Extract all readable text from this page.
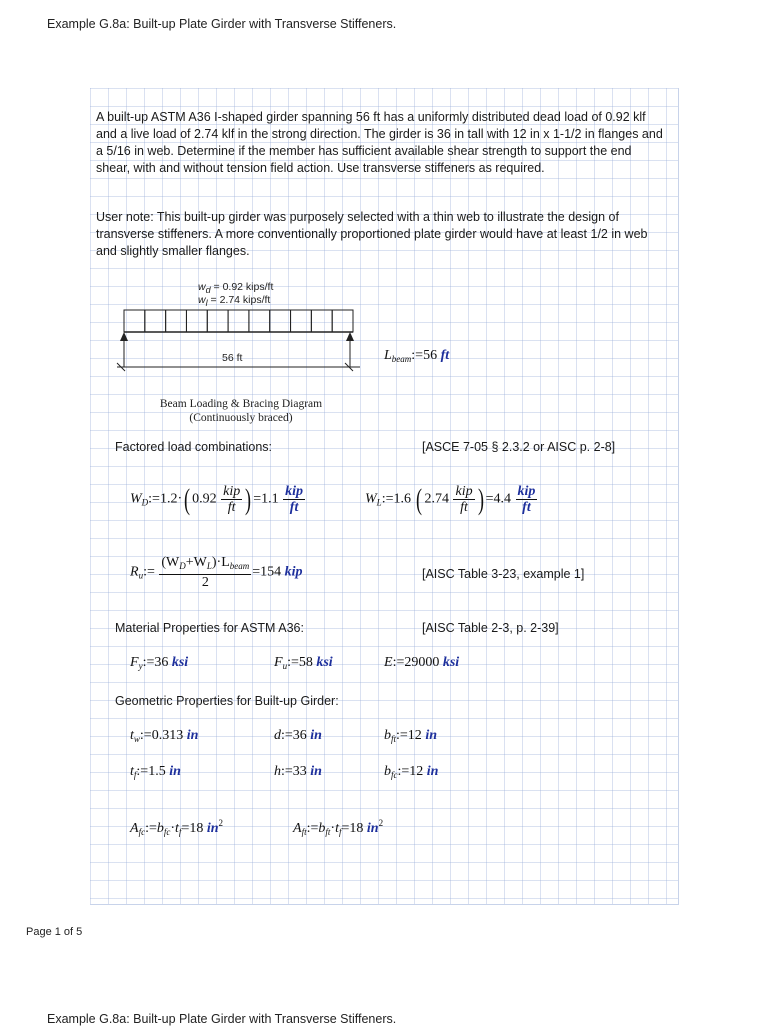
Example G.8a: Built-up Plate Girder with Transverse Stiffeners.
A built-up ASTM A36 I-shaped girder spanning 56 ft has a uniformly distributed dead load of 0.92 klf and a live load of 2.74 klf in the strong direction. The girder is 36 in tall with 12 in x 1-1/2 in flanges and a 5/16 in web. Determine if the member has sufficient available shear strength to support the end shear, with and without tension field action. Use transverse stiffeners as required.
User note: This built-up girder was purposely selected with a thin web to illustrate the design of transverse stiffeners. A more conventionally proportioned plate girder would have at least 1/2 in web and slightly smaller flanges.
wd = 0.92 kips/ft
wl = 2.74 kips/ft
56 ft
Beam Loading & Bracing Diagram
(Continuously braced)
$L_{beam}:=56$ ft
Factored load combinations:	[ASCE 7-05 § 2.3.2 or AISC p. 2-8]
$W_D:=1.2\cdot$( $0.92 \frac{\text{kip}}{ft}$ ) $=1.1 \frac{\text{kip}}{ft}$	$W_L:=1.6$ ( $2.74 \frac{\text{kip}}{ft}$ ) $=4.4 \frac{\text{kip}}{ft}$
$R_u:= \frac{(W_D+W_L)\cdot L_{beam}}{2} =154$ kip	[AISC Table 3-23, example 1]
Material Properties for ASTM A36:	[AISC Table 2-3, p. 2-39]
$F_y:=36$ ksi	$F_u:=58$ ksi	E:=29000 ksi
Geometric Properties for Built-up Girder:
$t_w:=0.313$ in	d:=36 in	$b_{ft}:=12$ in
$t_f:=1.5$ in	h:=33 in	$b_{fc}:=12$ in
$A_{fc}:=b_{fc}\cdot t_f=18$ $in^2$	$A_{ft}:=b_{ft}\cdot t_f=18$ $in^2$
Page 1 of 5
Example G.8a: Built-up Plate Girder with Transverse Stiffeners.
